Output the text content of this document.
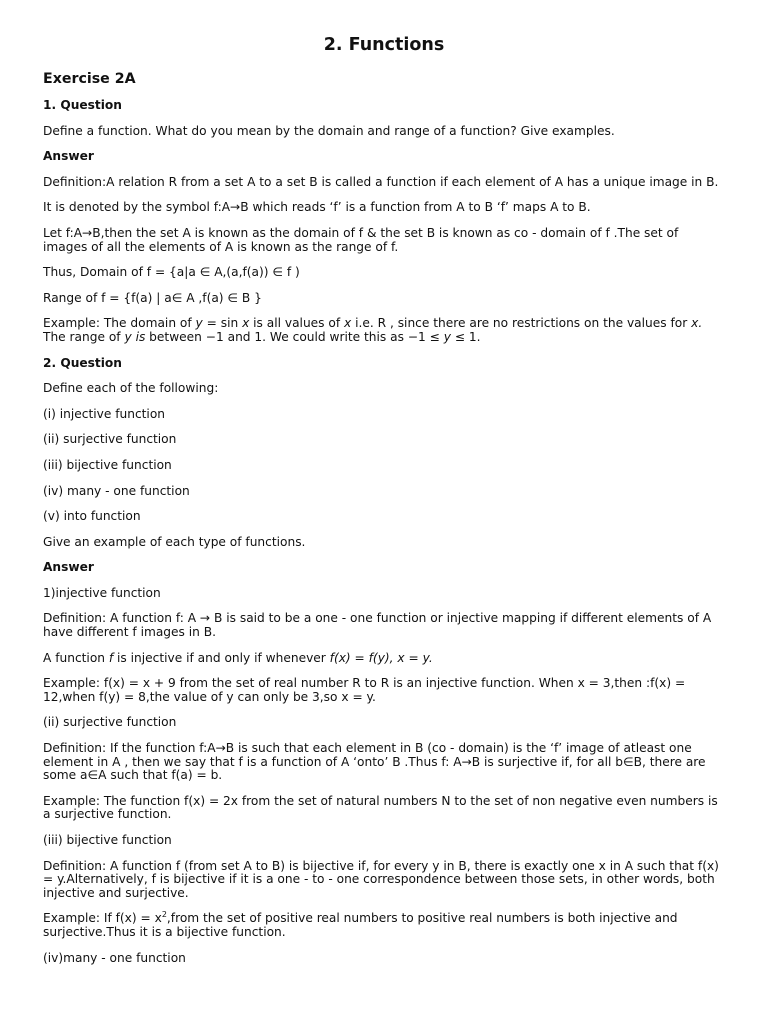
2. Functions
Exercise 2A
1. Question

Define a function. What do you mean by the domain and range of a function? Give examples.

Answer

Definition:A relation R from a set A to a set B is called a function if each element of A has a unique image in B.

It is denoted by the symbol f:A→B which reads ‘f’ is a function from A to B ‘f’ maps A to B.

Let f:A→B,then the set A is known as the domain of f & the set B is known as co - domain of f .The set of images of all the elements of A is known as the range of f.

Thus, Domain of f = {a|a ∈ A,(a,f(a)) ∈ f )

Range of f = {f(a) | a∈ A ,f(a) ∈ B }

Example: The domain of y = sin x is all values of x i.e. R , since there are no restrictions on the values for x. The range of y is between −1 and 1. We could write this as −1 ≤ y ≤ 1.

2. Question

Define each of the following:

(i) injective function

(ii) surjective function

(iii) bijective function

(iv) many - one function

(v) into function

Give an example of each type of functions.

Answer

1)injective function

Definition: A function f: A → B is said to be a one - one function or injective mapping if different elements of A have different f images in B.

A function f is injective if and only if whenever f(x) = f(y), x = y.

Example: f(x) = x + 9 from the set of real number R to R is an injective function. When x = 3,then :f(x) = 12,when f(y) = 8,the value of y can only be 3,so x = y.

(ii) surjective function

Definition: If the function f:A→B is such that each element in B (co - domain) is the ‘f’ image of atleast one element in A , then we say that f is a function of A ‘onto’ B .Thus f: A→B is surjective if, for all b∈B, there are some a∈A such that f(a) = b.

Example: The function f(x) = 2x from the set of natural numbers N to the set of non negative even numbers is a surjective function.

(iii) bijective function

Definition: A function f (from set A to B) is bijective if, for every y in B, there is exactly one x in A such that f(x) = y.Alternatively, f is bijective if it is a one - to - one correspondence between those sets, in other words, both injective and surjective.

Example: If $f(x) = x^2,from$ the set of positive real numbers to positive real numbers is both injective and surjective.Thus it is a bijective function.

(iv)many - one function
